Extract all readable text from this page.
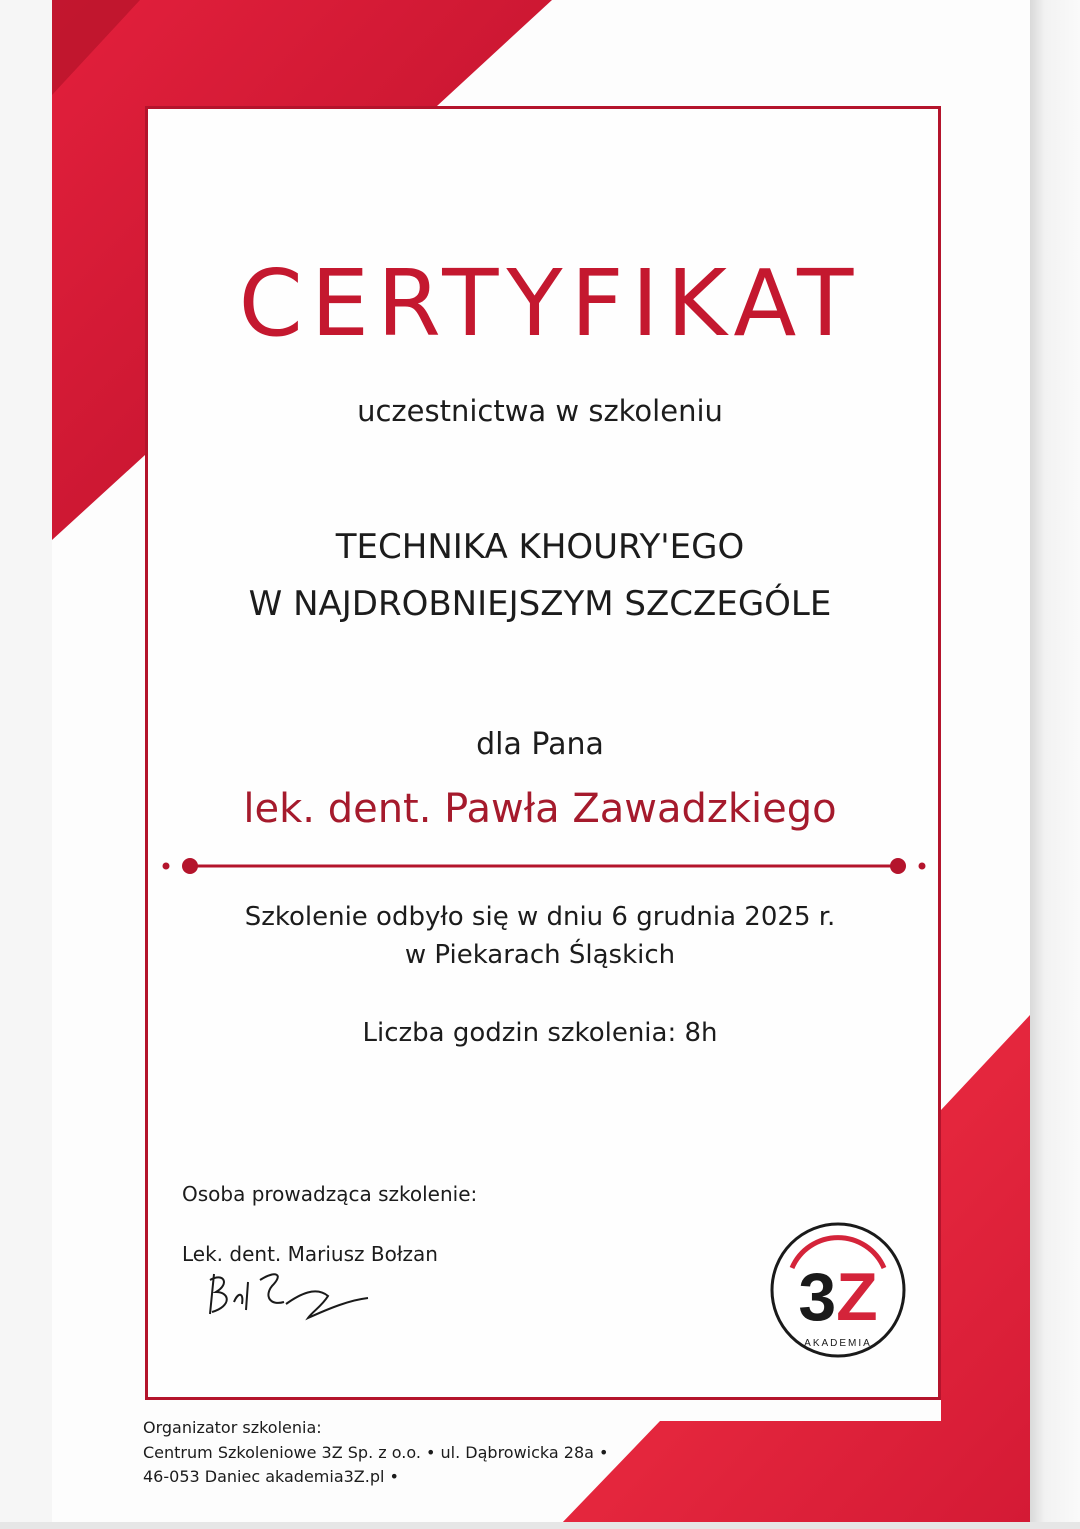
CERTYFIKAT
uczestnictwa w szkoleniu
TECHNIKA KHOURY'EGO
W NAJDROBNIEJSZYM SZCZEGÓLE
dla Pana
lek. dent. Pawła Zawadzkiego
Szkolenie odbyło się w dniu 6 grudnia 2025 r.
w Piekarach Śląskich
Liczba godzin szkolenia: 8h
Osoba prowadząca szkolenie:
Lek. dent. Mariusz Bołzan
3Z
AKADEMIA
Organizator szkolenia:
Centrum Szkoleniowe 3Z Sp. z o.o. • ul. Dąbrowicka 28a •
46-053 Daniec akademia3Z.pl •
